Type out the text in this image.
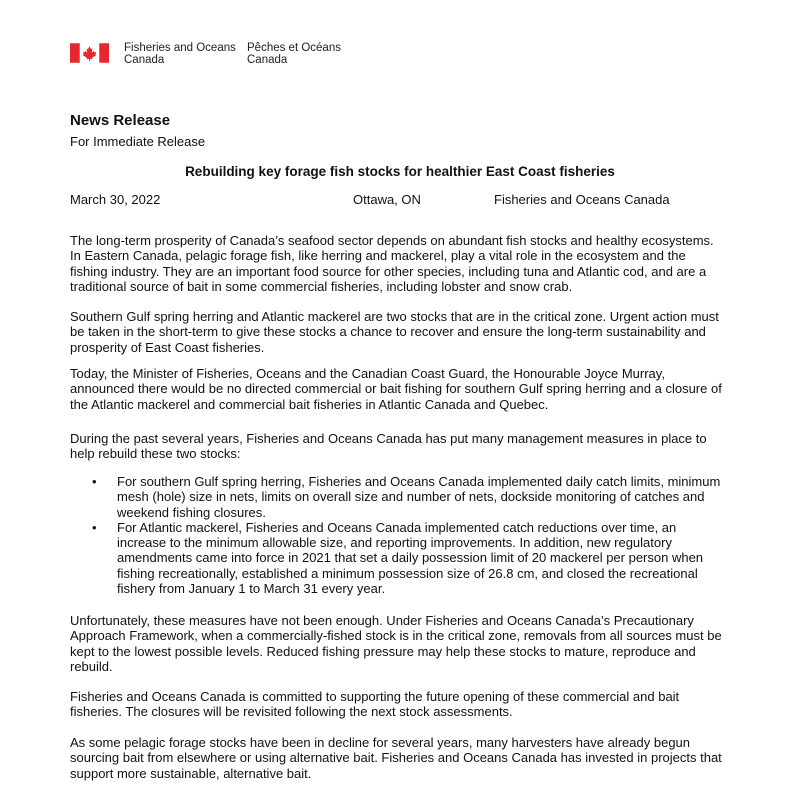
Fisheries and Oceans
Canada
Pêches et Océans
Canada
News Release
For Immediate Release
Rebuilding key forage fish stocks for healthier East Coast fisheries
March 30, 2022	Ottawa, ON	Fisheries and Oceans Canada
The long-term prosperity of Canada’s seafood sector depends on abundant fish stocks and healthy ecosystems.
In Eastern Canada, pelagic forage fish, like herring and mackerel, play a vital role in the ecosystem and the
fishing industry. They are an important food source for other species, including tuna and Atlantic cod, and are a
traditional source of bait in some commercial fisheries, including lobster and snow crab.
Southern Gulf spring herring and Atlantic mackerel are two stocks that are in the critical zone. Urgent action must
be taken in the short-term to give these stocks a chance to recover and ensure the long-term sustainability and
prosperity of East Coast fisheries.
Today, the Minister of Fisheries, Oceans and the Canadian Coast Guard, the Honourable Joyce Murray,
announced there would be no directed commercial or bait fishing for southern Gulf spring herring and a closure of
the Atlantic mackerel and commercial bait fisheries in Atlantic Canada and Quebec.
During the past several years, Fisheries and Oceans Canada has put many management measures in place to
help rebuild these two stocks:
• For southern Gulf spring herring, Fisheries and Oceans Canada implemented daily catch limits, minimum
mesh (hole) size in nets, limits on overall size and number of nets, dockside monitoring of catches and
weekend fishing closures.
• For Atlantic mackerel, Fisheries and Oceans Canada implemented catch reductions over time, an
increase to the minimum allowable size, and reporting improvements. In addition, new regulatory
amendments came into force in 2021 that set a daily possession limit of 20 mackerel per person when
fishing recreationally, established a minimum possession size of 26.8 cm, and closed the recreational
fishery from January 1 to March 31 every year.
Unfortunately, these measures have not been enough. Under Fisheries and Oceans Canada’s Precautionary
Approach Framework, when a commercially-fished stock is in the critical zone, removals from all sources must be
kept to the lowest possible levels. Reduced fishing pressure may help these stocks to mature, reproduce and
rebuild.
Fisheries and Oceans Canada is committed to supporting the future opening of these commercial and bait
fisheries. The closures will be revisited following the next stock assessments.
As some pelagic forage stocks have been in decline for several years, many harvesters have already begun
sourcing bait from elsewhere or using alternative bait. Fisheries and Oceans Canada has invested in projects that
support more sustainable, alternative bait.
